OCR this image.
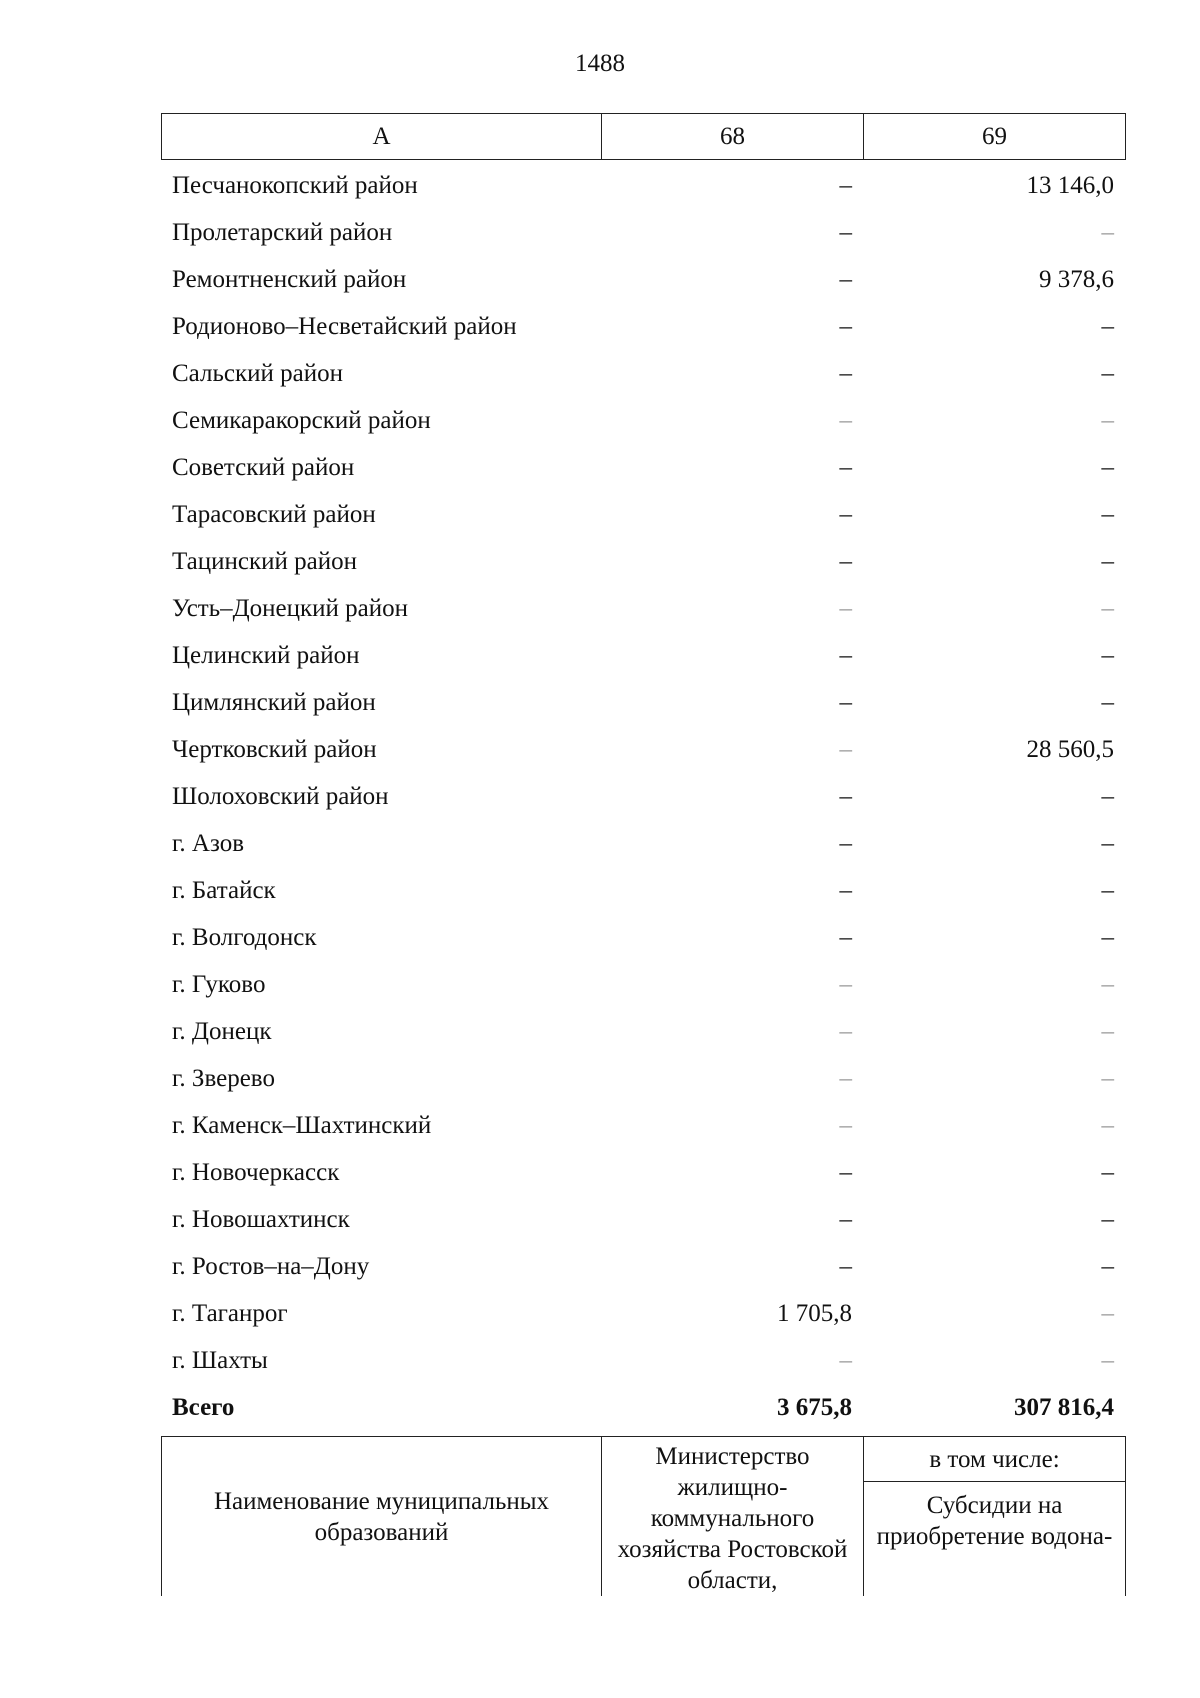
1488
А	68	69
Песчанокопский район	–	13 146,0
Пролетарский район	–	–
Ремонтненский район	–	9 378,6
Родионово–Несветайский район	–	–
Сальский район	–	–
Семикаракорский район	–	–
Советский район	–	–
Тарасовский район	–	–
Тацинский район	–	–
Усть–Донецкий район	–	–
Целинский район	–	–
Цимлянский район	–	–
Чертковский район	–	28 560,5
Шолоховский район	–	–
г. Азов	–	–
г. Батайск	–	–
г. Волгодонск	–	–
г. Гуково	–	–
г. Донецк	–	–
г. Зверево	–	–
г. Каменск–Шахтинский	–	–
г. Новочеркасск	–	–
г. Новошахтинск	–	–
г. Ростов–на–Дону	–	–
г. Таганрог	1 705,8	–
г. Шахты	–	–
Всего	3 675,8	307 816,4
Наименование муниципальных образований	Министерство жилищно-коммунального хозяйства Ростовской области,	в том числе:
Субсидии на приобретение водона-
